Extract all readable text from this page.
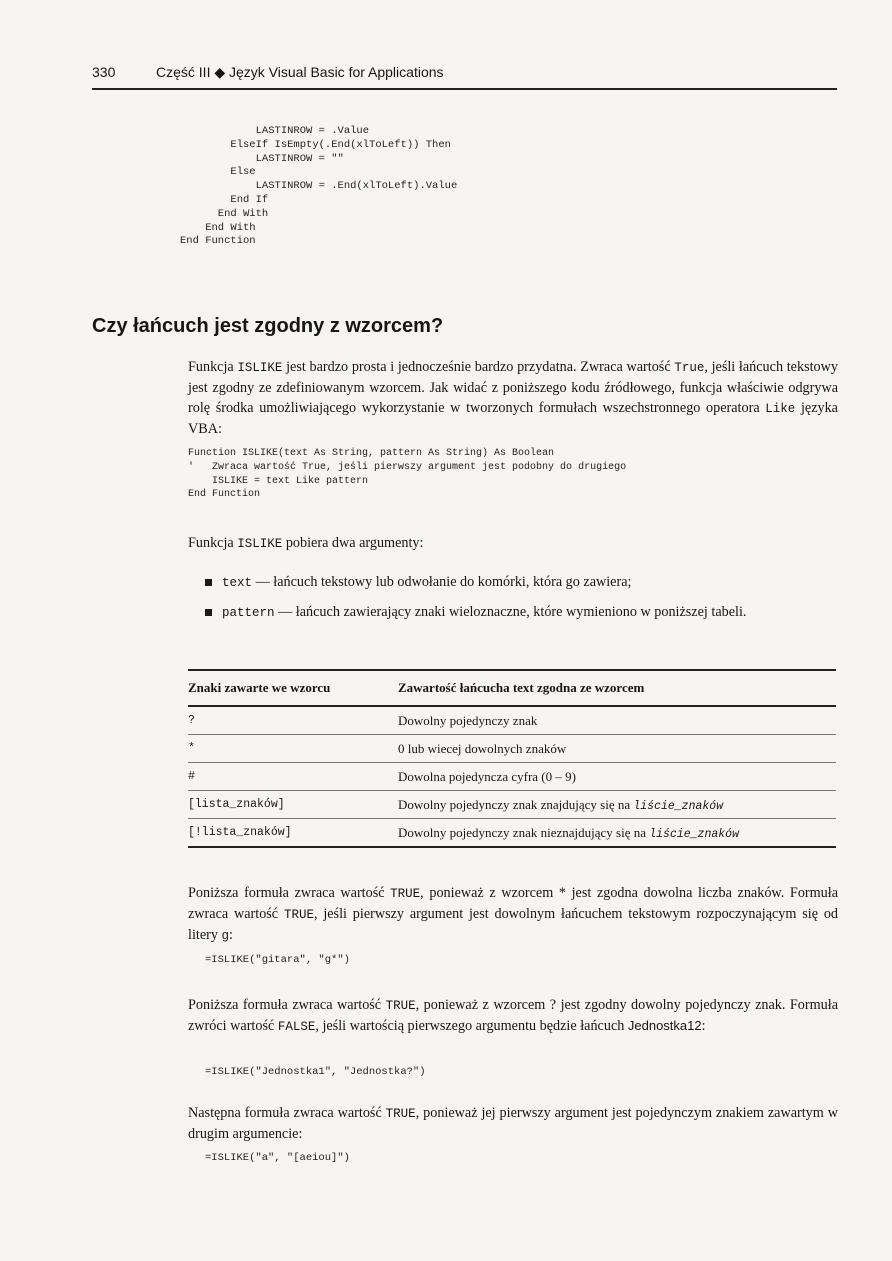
330	Część III ◆ Język Visual Basic for Applications
LASTINROW = .Value
ElseIf IsEmpty(.End(xlToLeft)) Then
LASTINROW = ""
Else
LASTINROW = .End(xlToLeft).Value
End If
End With
End With
End Function
Czy łańcuch jest zgodny z wzorcem?

Funkcja ISLIKE jest bardzo prosta i jednocześnie bardzo przydatna. Zwraca wartość True, jeśli łańcuch tekstowy jest zgodny ze zdefiniowanym wzorcem. Jak widać z poniższego kodu źródłowego, funkcja właściwie odgrywa rolę środka umożliwiającego wykorzystanie w tworzonych formułach wszechstronnego operatora Like języka VBA:

Function ISLIKE(text As String, pattern As String) As Boolean
'   Zwraca wartość True, jeśli pierwszy argument jest podobny do drugiego
ISLIKE = text Like pattern
End Function

Funkcja ISLIKE pobiera dwa argumenty:

text — łańcuch tekstowy lub odwołanie do komórki, która go zawiera;
pattern — łańcuch zawierający znaki wieloznaczne, które wymieniono w poniższej tabeli.
Znaki zawarte we wzorcu	Zawartość łańcucha text zgodna ze wzorcem
?	Dowolny pojedynczy znak
*	0 lub wiecej dowolnych znaków
#	Dowolna pojedyncza cyfra (0 – 9)
[lista_znaków]	Dowolny pojedynczy znak znajdujący się na liście_znaków
[!lista_znaków]	Dowolny pojedynczy znak nieznajdujący się na liście_znaków

Poniższa formuła zwraca wartość TRUE, ponieważ z wzorcem * jest zgodna dowolna liczba znaków. Formuła zwraca wartość TRUE, jeśli pierwszy argument jest dowolnym łańcuchem tekstowym rozpoczynającym się od litery g:

=ISLIKE("gitara", "g*")

Poniższa formuła zwraca wartość TRUE, ponieważ z wzorcem ? jest zgodny dowolny pojedynczy znak. Formuła zwróci wartość FALSE, jeśli wartością pierwszego argumentu będzie łańcuch Jednostka12:

=ISLIKE("Jednostka1", "Jednostka?")

Następna formuła zwraca wartość TRUE, ponieważ jej pierwszy argument jest pojedynczym znakiem zawartym w drugim argumencie:

=ISLIKE("a", "[aeiou]")
